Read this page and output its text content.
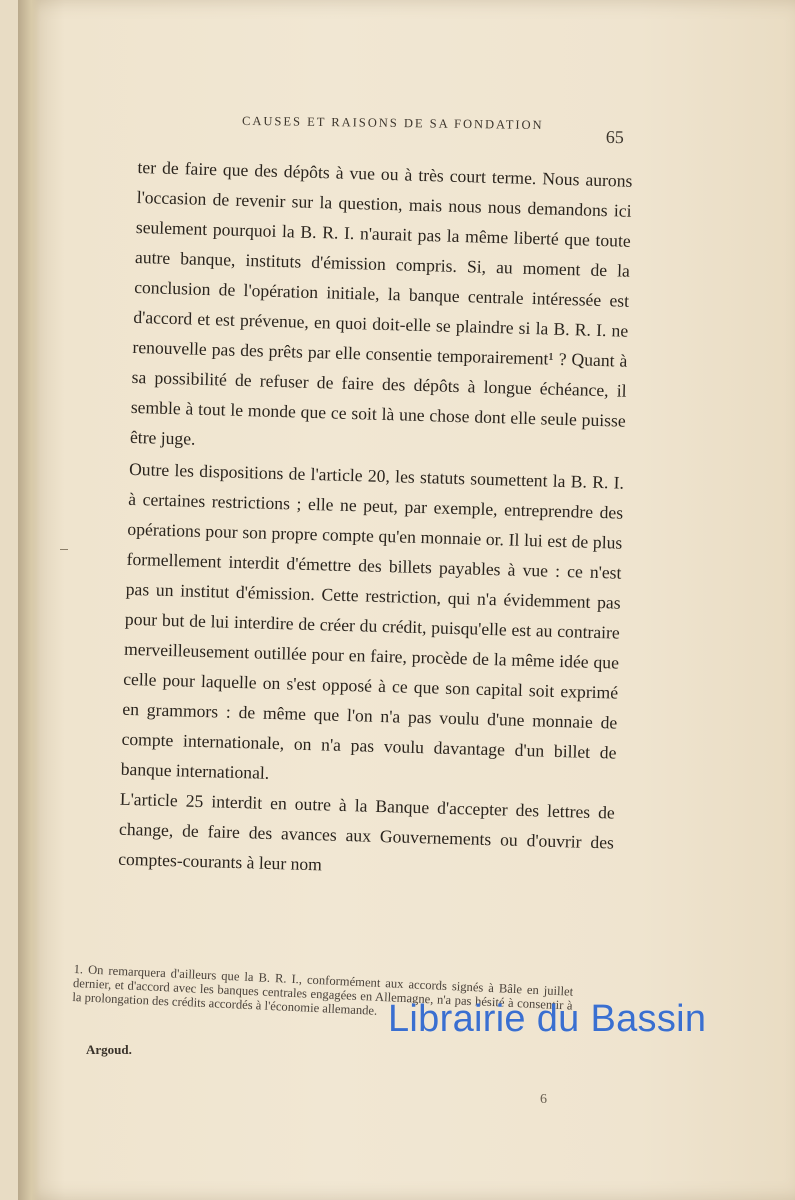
CAUSES ET RAISONS DE SA FONDATION
65

ter de faire que des dépôts à vue ou à très court terme. Nous aurons l'occasion de revenir sur la question, mais nous nous demandons ici seulement pourquoi la B. R. I. n'aurait pas la même liberté que toute autre banque, instituts d'émission compris. Si, au moment de la conclusion de l'opération initiale, la banque centrale intéressée est d'accord et est prévenue, en quoi doit-elle se plaindre si la B. R. I. ne renouvelle pas des prêts par elle consentie temporairement¹ ? Quant à sa possibilité de refuser de faire des dépôts à longue échéance, il semble à tout le monde que ce soit là une chose dont elle seule puisse être juge.

Outre les dispositions de l'article 20, les statuts soumettent la B. R. I. à certaines restrictions ; elle ne peut, par exemple, entreprendre des opérations pour son propre compte qu'en monnaie or. Il lui est de plus formellement interdit d'émettre des billets payables à vue : ce n'est pas un institut d'émission. Cette restriction, qui n'a évidemment pas pour but de lui interdire de créer du crédit, puisqu'elle est au contraire merveilleusement outillée pour en faire, procède de la même idée que celle pour laquelle on s'est opposé à ce que son capital soit exprimé en grammors : de même que l'on n'a pas voulu d'une monnaie de compte internationale, on n'a pas voulu davantage d'un billet de banque international.

L'article 25 interdit en outre à la Banque d'accepter des lettres de change, de faire des avances aux Gouvernements ou d'ouvrir des comptes-courants à leur nom

1. On remarquera d'ailleurs que la B. R. I., conformément aux accords signés à Bâle en juillet dernier, et d'accord avec les banques centrales engagées en Allemagne, n'a pas hésité à consentir à la prolongation des crédits accordés à l'économie allemande.

Argoud.
6
Librairie du Bassin
